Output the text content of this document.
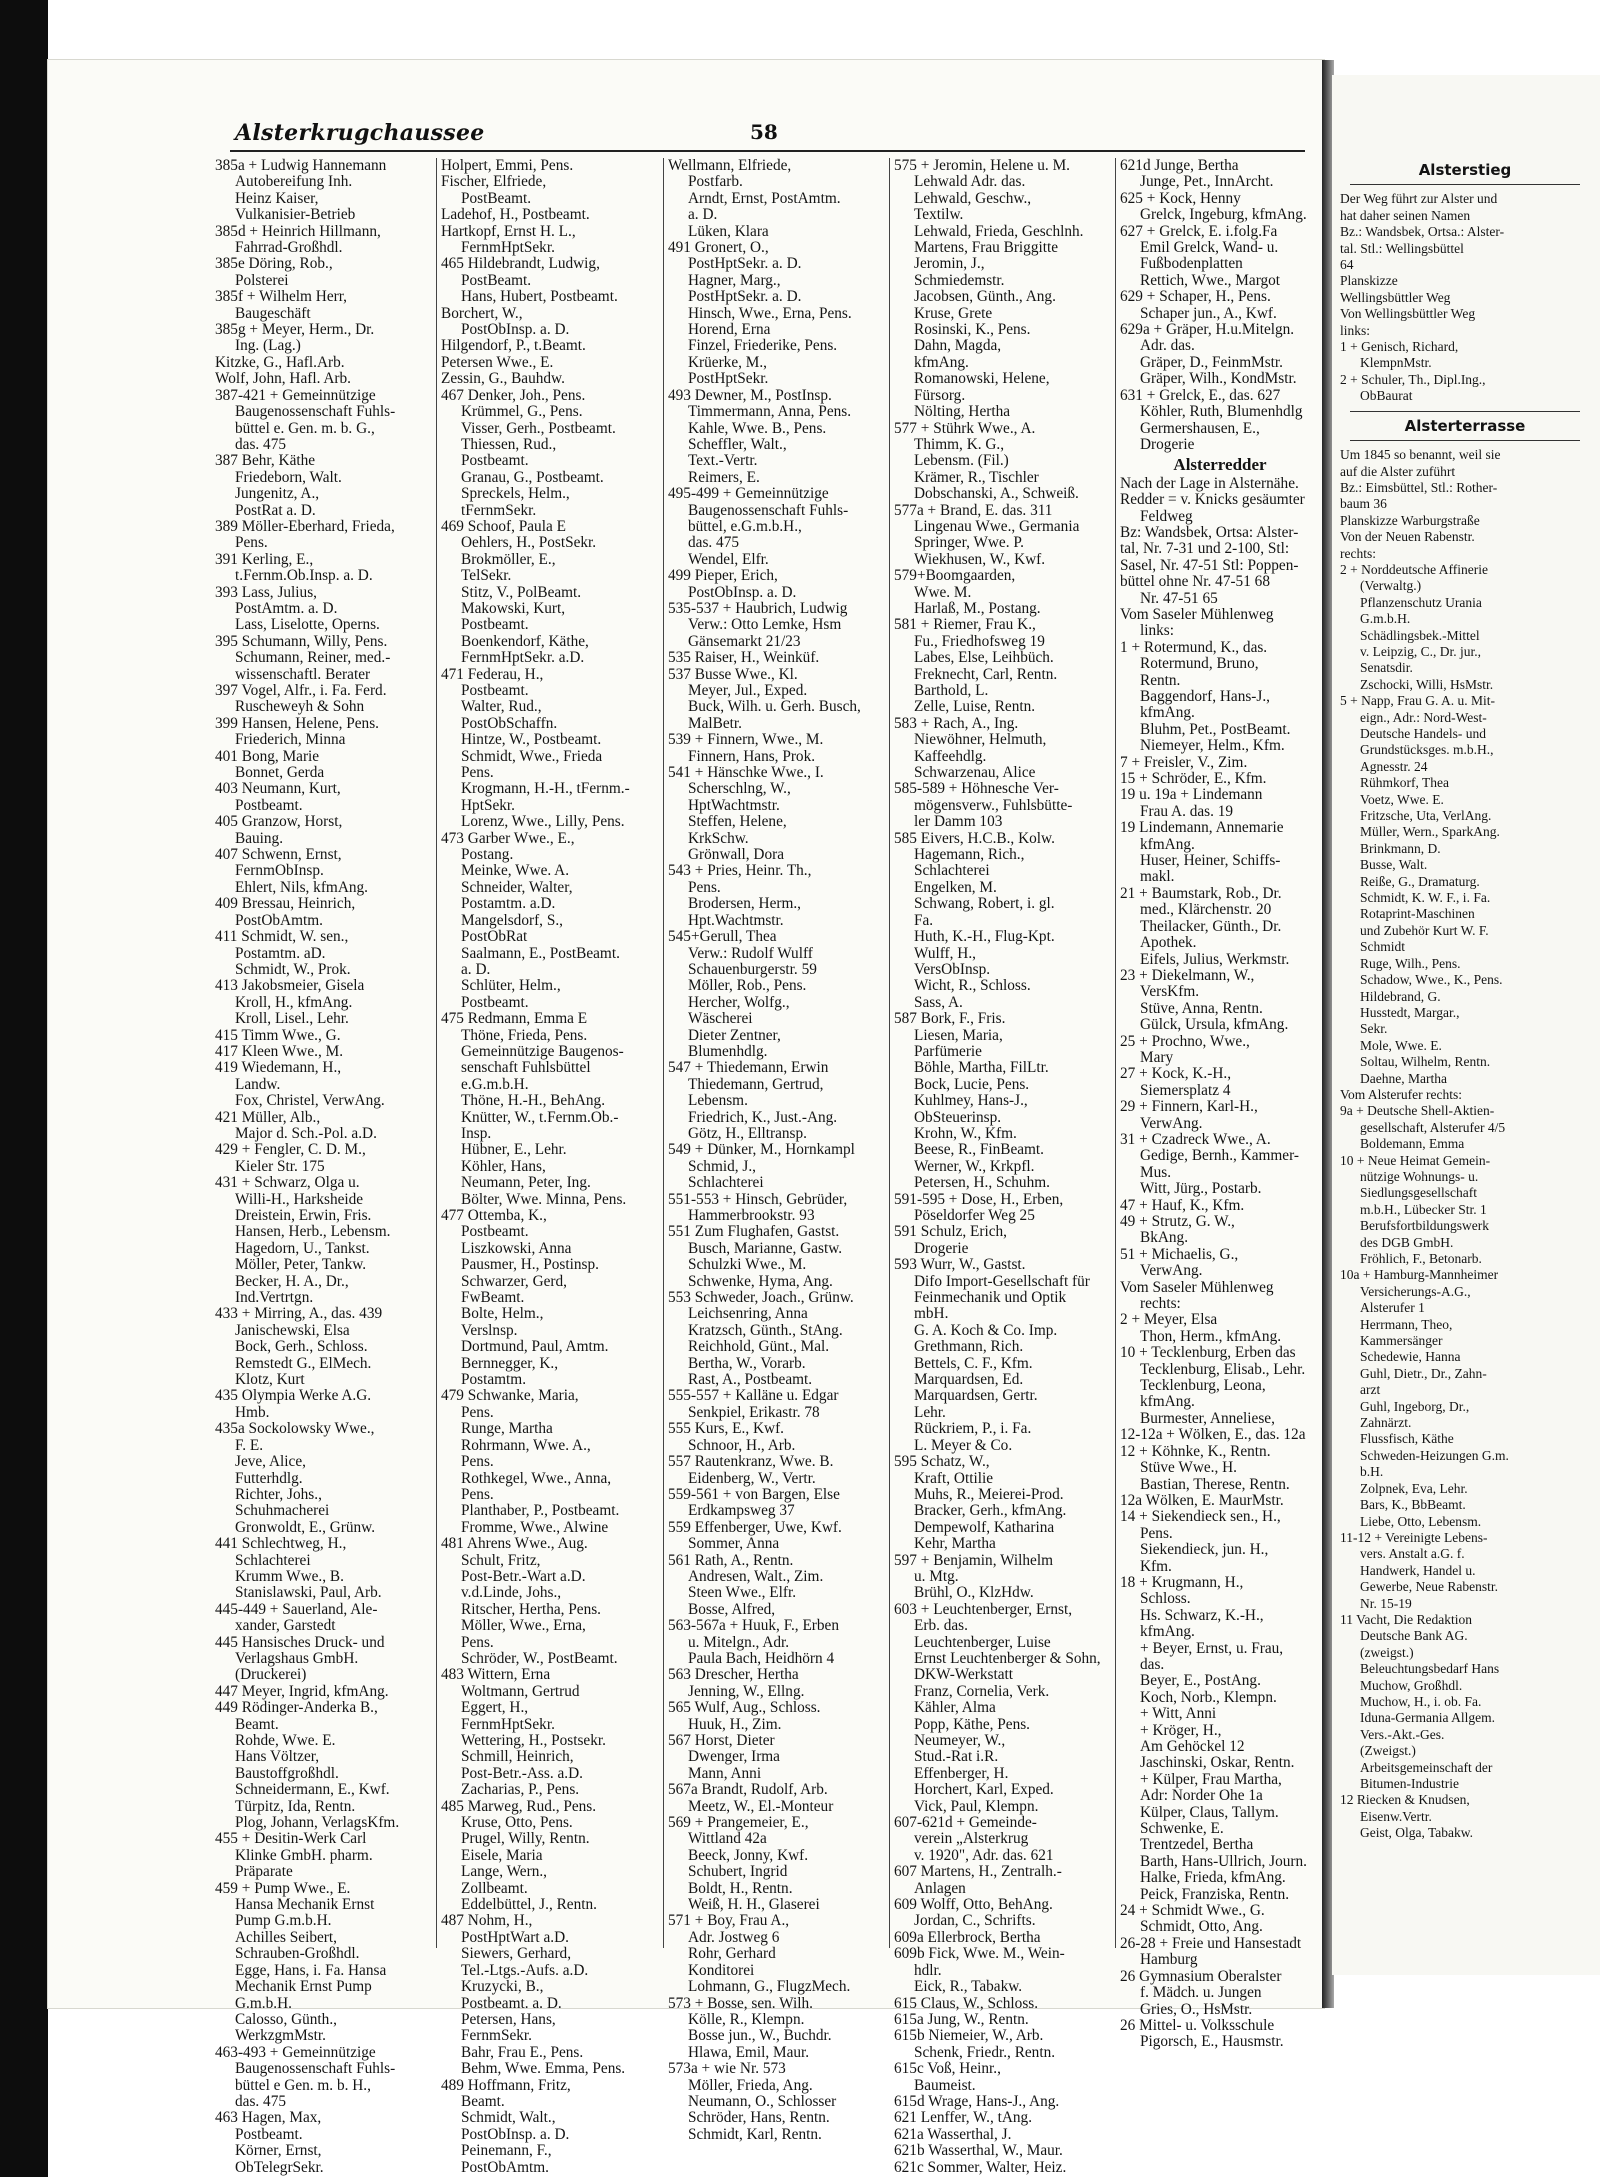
Alsterkrugchaussee	58
385a + Ludwig Hannemann
Autobereifung Inh.
Heinz Kaiser,
Vulkanisier-Betrieb
385d + Heinrich Hillmann,
Fahrrad-Großhdl.
385e Döring, Rob.,
Polsterei
385f + Wilhelm Herr,
Baugeschäft
385g + Meyer, Herm., Dr.
Ing. (Lag.)
Kitzke, G., Hafl.Arb.
Wolf, John, Hafl. Arb.
387-421 + Gemeinnützige
Baugenossenschaft Fuhls-
büttel e. Gen. m. b. G.,
das. 475
387 Behr, Käthe
Friedeborn, Walt.
Jungenitz, A.,
PostRat a. D.
389 Möller-Eberhard, Frieda,
Pens.
391 Kerling, E.,
t.Fernm.Ob.Insp. a. D.
393 Lass, Julius,
PostAmtm. a. D.
Lass, Liselotte, Operns.
395 Schumann, Willy, Pens.
Schumann, Reiner, med.-
wissenschaftl. Berater
397 Vogel, Alfr., i. Fa. Ferd.
Ruscheweyh & Sohn
399 Hansen, Helene, Pens.
Friederich, Minna
401 Bong, Marie
Bonnet, Gerda
403 Neumann, Kurt,
Postbeamt.
405 Granzow, Horst,
Bauing.
407 Schwenn, Ernst,
FernmObInsp.
Ehlert, Nils, kfmAng.
409 Bressau, Heinrich,
PostObAmtm.
411 Schmidt, W. sen.,
Postamtm. aD.
Schmidt, W., Prok.
413 Jakobsmeier, Gisela
Kroll, H., kfmAng.
Kroll, Lisel., Lehr.
415 Timm Wwe., G.
417 Kleen Wwe., M.
419 Wiedemann, H.,
Landw.
Fox, Christel, VerwAng.
421 Müller, Alb.,
Major d. Sch.-Pol. a.D.
429 + Fengler, C. D. M.,
Kieler Str. 175
431 + Schwarz, Olga u.
Willi-H., Harksheide
Dreistein, Erwin, Fris.
Hansen, Herb., Lebensm.
Hagedorn, U., Tankst.
Möller, Peter, Tankw.
Becker, H. A., Dr.,
Ind.Vertrtgn.
433 + Mirring, A., das. 439
Janischewski, Elsa
Bock, Gerh., Schloss.
Remstedt G., ElMech.
Klotz, Kurt
435 Olympia Werke A.G.
Hmb.
435a Sockolowsky Wwe.,
F. E.
Jeve, Alice,
Futterhdlg.
Richter, Johs.,
Schuhmacherei
Gronwoldt, E., Grünw.
441 Schlechtweg, H.,
Schlachterei
Krumm Wwe., B.
Stanislawski, Paul, Arb.
445-449 + Sauerland, Ale-
xander, Garstedt
445 Hansisches Druck- und
Verlagshaus GmbH.
(Druckerei)
447 Meyer, Ingrid, kfmAng.
449 Rödinger-Anderka B.,
Beamt.
Rohde, Wwe. E.
Hans Völtzer,
Baustoffgroßhdl.
Schneidermann, E., Kwf.
Türpitz, Ida, Rentn.
Plog, Johann, VerlagsKfm.
455 + Desitin-Werk Carl
Klinke GmbH. pharm.
Präparate
459 + Pump Wwe., E.
Hansa Mechanik Ernst
Pump G.m.b.H.
Achilles Seibert,
Schrauben-Großhdl.
Egge, Hans, i. Fa. Hansa
Mechanik Ernst Pump
G.m.b.H.
Calosso, Günth.,
WerkzgmMstr.
463-493 + Gemeinnützige
Baugenossenschaft Fuhls-
büttel e Gen. m. b. H.,
das. 475
463 Hagen, Max,
Postbeamt.
Körner, Ernst,
ObTelegrSekr.
Holpert, Emmi, Pens.
Fischer, Elfriede,
PostBeamt.
Ladehof, H., Postbeamt.
Hartkopf, Ernst H. L.,
FernmHptSekr.
465 Hildebrandt, Ludwig,
PostBeamt.
Hans, Hubert, Postbeamt.
Borchert, W.,
PostObInsp. a. D.
Hilgendorf, P., t.Beamt.
Petersen Wwe., E.
Zessin, G., Bauhdw.
467 Denker, Joh., Pens.
Krümmel, G., Pens.
Visser, Gerh., Postbeamt.
Thiessen, Rud.,
Postbeamt.
Granau, G., Postbeamt.
Spreckels, Helm.,
tFernmSekr.
469 Schoof, Paula E
Oehlers, H., PostSekr.
Brokmöller, E.,
TelSekr.
Stitz, V., PolBeamt.
Makowski, Kurt,
Postbeamt.
Boenkendorf, Käthe,
FernmHptSekr. a.D.
471 Federau, H.,
Postbeamt.
Walter, Rud.,
PostObSchaffn.
Hintze, W., Postbeamt.
Schmidt, Wwe., Frieda
Pens.
Krogmann, H.-H., tFernm.-
HptSekr.
Lorenz, Wwe., Lilly, Pens.
473 Garber Wwe., E.,
Postang.
Meinke, Wwe. A.
Schneider, Walter,
Postamtm. a.D.
Mangelsdorf, S.,
PostObRat
Saalmann, E., PostBeamt.
a. D.
Schlüter, Helm.,
Postbeamt.
475 Redmann, Emma E
Thöne, Frieda, Pens.
Gemeinnützige Baugenos-
senschaft Fuhlsbüttel
e.G.m.b.H.
Thöne, H.-H., BehAng.
Knütter, W., t.Fernm.Ob.-
Insp.
Hübner, E., Lehr.
Köhler, Hans,
Neumann, Peter, Ing.
Bölter, Wwe. Minna, Pens.
477 Ottemba, K.,
Postbeamt.
Liszkowski, Anna
Pausmer, H., Postinsp.
Schwarzer, Gerd,
FwBeamt.
Bolte, Helm.,
Verslnsp.
Dortmund, Paul, Amtm.
Bernnegger, K.,
Postamtm.
479 Schwanke, Maria,
Pens.
Runge, Martha
Rohrmann, Wwe. A.,
Pens.
Rothkegel, Wwe., Anna,
Pens.
Planthaber, P., Postbeamt.
Fromme, Wwe., Alwine
481 Ahrens Wwe., Aug.
Schult, Fritz,
Post-Betr.-Wart a.D.
v.d.Linde, Johs.,
Ritscher, Hertha, Pens.
Möller, Wwe., Erna,
Pens.
Schröder, W., PostBeamt.
483 Wittern, Erna
Woltmann, Gertrud
Eggert, H.,
FernmHptSekr.
Wettering, H., Postsekr.
Schmill, Heinrich,
Post-Betr.-Ass. a.D.
Zacharias, P., Pens.
485 Marweg, Rud., Pens.
Kruse, Otto, Pens.
Prugel, Willy, Rentn.
Eisele, Maria
Lange, Wern.,
Zollbeamt.
Eddelbüttel, J., Rentn.
487 Nohm, H.,
PostHptWart a.D.
Siewers, Gerhard,
Tel.-Ltgs.-Aufs. a.D.
Kruzycki, B.,
Postbeamt. a. D.
Petersen, Hans,
FernmSekr.
Bahr, Frau E., Pens.
Behm, Wwe. Emma, Pens.
489 Hoffmann, Fritz,
Beamt.
Schmidt, Walt.,
PostObInsp. a. D.
Peinemann, F.,
PostObAmtm.
Wellmann, Elfriede,
Postfarb.
Arndt, Ernst, PostAmtm.
a. D.
Lüken, Klara
491 Gronert, O.,
PostHptSekr. a. D.
Hagner, Marg.,
PostHptSekr. a. D.
Hinsch, Wwe., Erna, Pens.
Horend, Erna
Finzel, Friederike, Pens.
Krüerke, M.,
PostHptSekr.
493 Dewner, M., PostInsp.
Timmermann, Anna, Pens.
Kahle, Wwe. B., Pens.
Scheffler, Walt.,
Text.-Vertr.
Reimers, E.
495-499 + Gemeinnützige
Baugenossenschaft Fuhls-
büttel, e.G.m.b.H.,
das. 475
Wendel, Elfr.
499 Pieper, Erich,
PostObInsp. a. D.
535-537 + Haubrich, Ludwig
Verw.: Otto Lemke, Hsm
Gänsemarkt 21/23
535 Raiser, H., Weinküf.
537 Busse Wwe., Kl.
Meyer, Jul., Exped.
Buck, Wilh. u. Gerh. Busch,
MalBetr.
539 + Finnern, Wwe., M.
Finnern, Hans, Prok.
541 + Hänschke Wwe., I.
Scherschlng, W.,
HptWachtmstr.
Steffen, Helene,
KrkSchw.
Grönwall, Dora
543 + Pries, Heinr. Th.,
Pens.
Brodersen, Herm.,
Hpt.Wachtmstr.
545+Gerull, Thea
Verw.: Rudolf Wulff
Schauenburgerstr. 59
Möller, Rob., Pens.
Hercher, Wolfg.,
Wäscherei
Dieter Zentner,
Blumenhdlg.
547 + Thiedemann, Erwin
Thiedemann, Gertrud,
Lebensm.
Friedrich, K., Just.-Ang.
Götz, H., Elltransp.
549 + Dünker, M., Hornkampl
Schmid, J.,
Schlachterei
551-553 + Hinsch, Gebrüder,
Hammerbrookstr. 93
551 Zum Flughafen, Gastst.
Busch, Marianne, Gastw.
Schulzki Wwe., M.
Schwenke, Hyma, Ang.
553 Schweder, Joach., Grünw.
Leichsenring, Anna
Kratzsch, Günth., StAng.
Reichhold, Günt., Mal.
Bertha, W., Vorarb.
Rast, A., Postbeamt.
555-557 + Kalläne u. Edgar
Senkpiel, Erikastr. 78
555 Kurs, E., Kwf.
Schnoor, H., Arb.
557 Rautenkranz, Wwe. B.
Eidenberg, W., Vertr.
559-561 + von Bargen, Else
Erdkampsweg 37
559 Effenberger, Uwe, Kwf.
Sommer, Anna
561 Rath, A., Rentn.
Andresen, Walt., Zim.
Steen Wwe., Elfr.
Bosse, Alfred,
563-567a + Huuk, F., Erben
u. Mitelgn., Adr.
Paula Bach, Heidhörn 4
563 Drescher, Hertha
Jenning, W., Ellng.
565 Wulf, Aug., Schloss.
Huuk, H., Zim.
567 Horst, Dieter
Dwenger, Irma
Mann, Anni
567a Brandt, Rudolf, Arb.
Meetz, W., El.-Monteur
569 + Prangemeier, E.,
Wittland 42a
Beeck, Jonny, Kwf.
Schubert, Ingrid
Boldt, H., Rentn.
Weiß, H. H., Glaserei
571 + Boy, Frau A.,
Adr. Jostweg 6
Rohr, Gerhard
Konditorei
Lohmann, G., FlugzMech.
573 + Bosse, sen. Wilh.
Kölle, R., Klempn.
Bosse jun., W., Buchdr.
Hlawa, Emil, Maur.
573a + wie Nr. 573
Möller, Frieda, Ang.
Neumann, O., Schlosser
Schröder, Hans, Rentn.
Schmidt, Karl, Rentn.
575 + Jeromin, Helene u. M.
Lehwald Adr. das.
Lehwald, Geschw.,
Textilw.
Lehwald, Frieda, Geschlnh.
Martens, Frau Briggitte
Jeromin, J.,
Schmiedemstr.
Jacobsen, Günth., Ang.
Kruse, Grete
Rosinski, K., Pens.
Dahn, Magda,
kfmAng.
Romanowski, Helene,
Fürsorg.
Nölting, Hertha
577 + Stührk Wwe., A.
Thimm, K. G.,
Lebensm. (Fil.)
Krämer, R., Tischler
Dobschanski, A., Schweiß.
577a + Brand, E. das. 311
Lingenau Wwe., Germania
Springer, Wwe. P.
Wiekhusen, W., Kwf.
579+Boomgaarden,
Wwe. M.
Harlaß, M., Postang.
581 + Riemer, Frau K.,
Fu., Friedhofsweg 19
Labes, Else, Leihbüch.
Freknecht, Carl, Rentn.
Barthold, L.
Zelle, Luise, Rentn.
583 + Rach, A., Ing.
Niewöhner, Helmuth,
Kaffeehdlg.
Schwarzenau, Alice
585-589 + Höhnesche Ver-
mögensverw., Fuhlsbütte-
ler Damm 103
585 Eivers, H.C.B., Kolw.
Hagemann, Rich.,
Schlachterei
Engelken, M.
Schwang, Robert, i. gl.
Fa.
Huth, K.-H., Flug-Kpt.
Wulff, H.,
VersObInsp.
Wicht, R., Schloss.
Sass, A.
587 Bork, F., Fris.
Liesen, Maria,
Parfümerie
Böhle, Martha, FilLtr.
Bock, Lucie, Pens.
Kuhlmey, Hans-J.,
ObSteuerinsp.
Krohn, W., Kfm.
Beese, R., FinBeamt.
Werner, W., Krkpfl.
Petersen, H., Schuhm.
591-595 + Dose, H., Erben,
Pöseldorfer Weg 25
591 Schulz, Erich,
Drogerie
593 Wurr, W., Gastst.
Difo Import-Gesellschaft für
Feinmechanik und Optik
mbH.
G. A. Koch & Co. Imp.
Grethmann, Rich.
Bettels, C. F., Kfm.
Marquardsen, Ed.
Marquardsen, Gertr.
Lehr.
Rückriem, P., i. Fa.
L. Meyer & Co.
595 Schatz, W.,
Kraft, Ottilie
Muhs, R., Meierei-Prod.
Bracker, Gerh., kfmAng.
Dempewolf, Katharina
Kehr, Martha
597 + Benjamin, Wilhelm
u. Mtg.
Brühl, O., KlzHdw.
603 + Leuchtenberger, Ernst,
Erb. das.
Leuchtenberger, Luise
Ernst Leuchtenberger & Sohn,
DKW-Werkstatt
Franz, Cornelia, Verk.
Kähler, Alma
Popp, Käthe, Pens.
Neumeyer, W.,
Stud.-Rat i.R.
Effenberger, H.
Horchert, Karl, Exped.
Vick, Paul, Klempn.
607-621d + Gemeinde-
verein „Alsterkrug
v. 1920", Adr. das. 621
607 Martens, H., Zentralh.-
Anlagen
609 Wolff, Otto, BehAng.
Jordan, C., Schrifts.
609a Ellerbrock, Bertha
609b Fick, Wwe. M., Wein-
hdlr.
Eick, R., Tabakw.
615 Claus, W., Schloss.
615a Jung, W., Rentn.
615b Niemeier, W., Arb.
Schenk, Friedr., Rentn.
615c Voß, Heinr.,
Baumeist.
615d Wrage, Hans-J., Ang.
621 Lenffer, W., tAng.
621a Wasserthal, J.
621b Wasserthal, W., Maur.
621c Sommer, Walter, Heiz.
621d Junge, Bertha
Junge, Pet., InnArcht.
625 + Kock, Henny
Grelck, Ingeburg, kfmAng.
627 + Grelck, E. i.folg.Fa
Emil Grelck, Wand- u.
Fußbodenplatten
Rettich, Wwe., Margot
629 + Schaper, H., Pens.
Schaper jun., A., Kwf.
629a + Gräper, H.u.Mitelgn.
Adr. das.
Gräper, D., FeinmMstr.
Gräper, Wilh., KondMstr.
631 + Grelck, E., das. 627
Köhler, Ruth, Blumenhdlg
Germershausen, E.,
Drogerie
Alsterredder
Nach der Lage in Alsternähe.
Redder = v. Knicks gesäumter
Feldweg
Bz: Wandsbek, Ortsa: Alster-
tal, Nr. 7-31 und 2-100, Stl:
Sasel, Nr. 47-51 Stl: Poppen-
büttel ohne Nr. 47-51 68
Nr. 47-51 65
Vom Saseler Mühlenweg
links:
1 + Rotermund, K., das.
Rotermund, Bruno,
Rentn.
Baggendorf, Hans-J.,
kfmAng.
Bluhm, Pet., PostBeamt.
Niemeyer, Helm., Kfm.
7 + Freisler, V., Zim.
15 + Schröder, E., Kfm.
19 u. 19a + Lindemann
Frau A. das. 19
19 Lindemann, Annemarie
kfmAng.
Huser, Heiner, Schiffs-
makl.
21 + Baumstark, Rob., Dr.
med., Klärchenstr. 20
Theilacker, Günth., Dr.
Apothek.
Eifels, Julius, Werkmstr.
23 + Diekelmann, W.,
VersKfm.
Stüve, Anna, Rentn.
Gülck, Ursula, kfmAng.
25 + Prochno, Wwe.,
Mary
27 + Kock, K.-H.,
Siemersplatz 4
29 + Finnern, Karl-H.,
VerwAng.
31 + Czadreck Wwe., A.
Gedige, Bernh., Kammer-
Mus.
Witt, Jürg., Postarb.
47 + Hauf, K., Kfm.
49 + Strutz, G. W.,
BkAng.
51 + Michaelis, G.,
VerwAng.
Vom Saseler Mühlenweg
rechts:
2 + Meyer, Elsa
Thon, Herm., kfmAng.
10 + Tecklenburg, Erben das
Tecklenburg, Elisab., Lehr.
Tecklenburg, Leona,
kfmAng.
Burmester, Anneliese,
12-12a + Wölken, E., das. 12a
12 + Köhnke, K., Rentn.
Stüve Wwe., H.
Bastian, Therese, Rentn.
12a Wölken, E. MaurMstr.
14 + Siekendieck sen., H.,
Pens.
Siekendieck, jun. H.,
Kfm.
18 + Krugmann, H.,
Schloss.
Hs. Schwarz, K.-H.,
kfmAng.
+ Beyer, Ernst, u. Frau,
das.
Beyer, E., PostAng.
Koch, Norb., Klempn.
+ Witt, Anni
+ Kröger, H.,
Am Gehöckel 12
Jaschinski, Oskar, Rentn.
+ Külper, Frau Martha,
Adr: Norder Ohe 1a
Külper, Claus, Tallym.
Schwenke, E.
Trentzedel, Bertha
Barth, Hans-Ullrich, Journ.
Halke, Frieda, kfmAng.
Peick, Franziska, Rentn.
24 + Schmidt Wwe., G.
Schmidt, Otto, Ang.
26-28 + Freie und Hansestadt
Hamburg
26 Gymnasium Oberalster
f. Mädch. u. Jungen
Gries, O., HsMstr.
26 Mittel- u. Volksschule
Pigorsch, E., Hausmstr.
Alsterstieg
Der Weg führt zur Alster und
hat daher seinen Namen
Bz.: Wandsbek, Ortsa.: Alster-
tal. Stl.: Wellingsbüttel
64
Planskizze
Wellingsbüttler Weg
Von Wellingsbüttler Weg
links:
1 + Genisch, Richard,
KlempnMstr.
2 + Schuler, Th., Dipl.Ing.,
ObBaurat
Alsterterrasse
Um 1845 so benannt, weil sie
auf die Alster zuführt
Bz.: Eimsbüttel, Stl.: Rother-
baum 36
Planskizze Warburgstraße
Von der Neuen Rabenstr.
rechts:
2 + Norddeutsche Affinerie
(Verwaltg.)
Pflanzenschutz Urania
G.m.b.H.
Schädlingsbek.-Mittel
v. Leipzig, C., Dr. jur.,
Senatsdir.
Zschocki, Willi, HsMstr.
5 + Napp, Frau G. A. u. Mit-
eign., Adr.: Nord-West-
Deutsche Handels- und
Grundstücksges. m.b.H.,
Agnesstr. 24
Rühmkorf, Thea
Voetz, Wwe. E.
Fritzsche, Uta, VerlAng.
Müller, Wern., SparkAng.
Brinkmann, D.
Busse, Walt.
Reiße, G., Dramaturg.
Schmidt, K. W. F., i. Fa.
Rotaprint-Maschinen
und Zubehör Kurt W. F.
Schmidt
Ruge, Wilh., Pens.
Schadow, Wwe., K., Pens.
Hildebrand, G.
Husstedt, Margar.,
Sekr.
Mole, Wwe. E.
Soltau, Wilhelm, Rentn.
Daehne, Martha
Vom Alsterufer rechts:
9a + Deutsche Shell-Aktien-
gesellschaft, Alsterufer 4/5
Boldemann, Emma
10 + Neue Heimat Gemein-
nützige Wohnungs- u.
Siedlungsgesellschaft
m.b.H., Lübecker Str. 1
Berufsfortbildungswerk
des DGB GmbH.
Fröhlich, F., Betonarb.
10a + Hamburg-Mannheimer
Versicherungs-A.G.,
Alsterufer 1
Herrmann, Theo,
Kammersänger
Schedewie, Hanna
Guhl, Dietr., Dr., Zahn-
arzt
Guhl, Ingeborg, Dr.,
Zahnärzt.
Flussfisch, Käthe
Schweden-Heizungen G.m.
b.H.
Zolpnek, Eva, Lehr.
Bars, K., BbBeamt.
Liebe, Otto, Lebensm.
11-12 + Vereinigte Lebens-
vers. Anstalt a.G. f.
Handwerk, Handel u.
Gewerbe, Neue Rabenstr.
Nr. 15-19
11 Vacht, Die Redaktion
Deutsche Bank AG.
(zweigst.)
Beleuchtungsbedarf Hans
Muchow, Großhdl.
Muchow, H., i. ob. Fa.
Iduna-Germania Allgem.
Vers.-Akt.-Ges.
(Zweigst.)
Arbeitsgemeinschaft der
Bitumen-Industrie
12 Riecken & Knudsen,
Eisenw.Vertr.
Geist, Olga, Tabakw.
